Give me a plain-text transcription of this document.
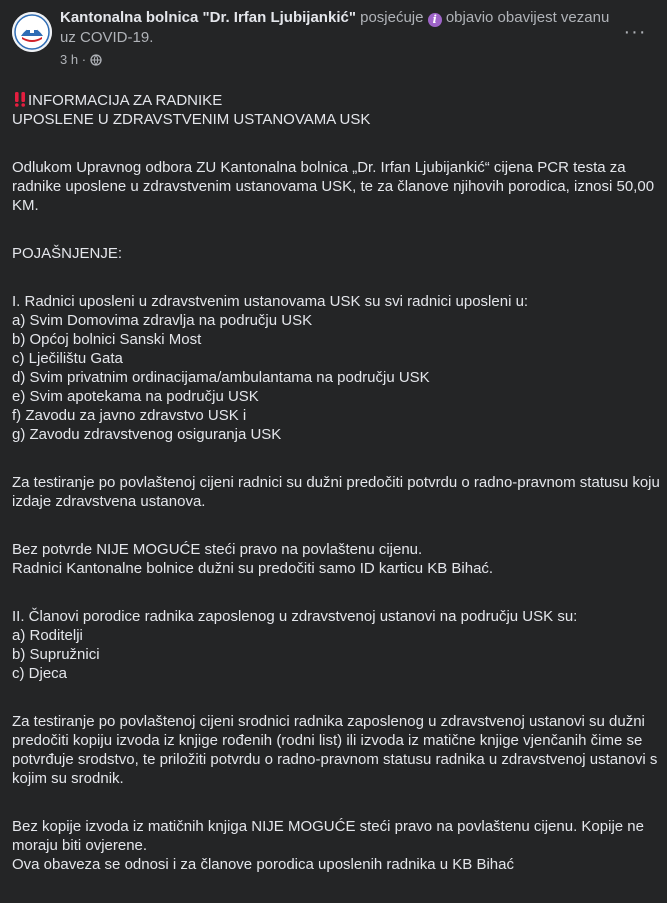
Kantonalna bolnica "Dr. Irfan Ljubijankić" posjećuje i objavio obavijest vezanu uz COVID-19.
3 h ·
···

INFORMACIJA ZA RADNIKE
UPOSLENE U ZDRAVSTVENIM USTANOVAMA USK

Odlukom Upravnog odbora ZU Kantonalna bolnica „Dr. Irfan Ljubijankić“ cijena PCR testa za radnike uposlene u zdravstvenim ustanovama USK, te za članove njihovih porodica, iznosi 50,00 KM.

POJAŠNJENJE:

I. Radnici uposleni u zdravstvenim ustanovama USK su svi radnici uposleni u:
a) Svim Domovima zdravlja na području USK
b) Općoj bolnici Sanski Most
c) Lječilištu Gata
d) Svim privatnim ordinacijama/ambulantama na području USK
e) Svim apotekama na području USK
f) Zavodu za javno zdravstvo USK i
g) Zavodu zdravstvenog osiguranja USK

Za testiranje po povlaštenoj cijeni radnici su dužni predočiti potvrdu o radno-pravnom statusu koju izdaje zdravstvena ustanova.

Bez potvrde NIJE MOGUĆE steći pravo na povlaštenu cijenu.
Radnici Kantonalne bolnice dužni su predočiti samo ID karticu KB Bihać.

II. Članovi porodice radnika zaposlenog u zdravstvenoj ustanovi na području USK su:
a) Roditelji
b) Supružnici
c) Djeca

Za testiranje po povlaštenoj cijeni srodnici radnika zaposlenog u zdravstvenoj ustanovi su dužni predočiti kopiju izvoda iz knjige rođenih (rodni list) ili izvoda iz matične knjige vjenčanih čime se potvrđuje srodstvo, te priložiti potvrdu o radno-pravnom statusu radnika u zdravstvenoj ustanovi s kojim su srodnik.

Bez kopije izvoda iz matičnih knjiga NIJE MOGUĆE steći pravo na povlaštenu cijenu. Kopije ne moraju biti ovjerene.
Ova obaveza se odnosi i za članove porodica uposlenih radnika u KB Bihać
